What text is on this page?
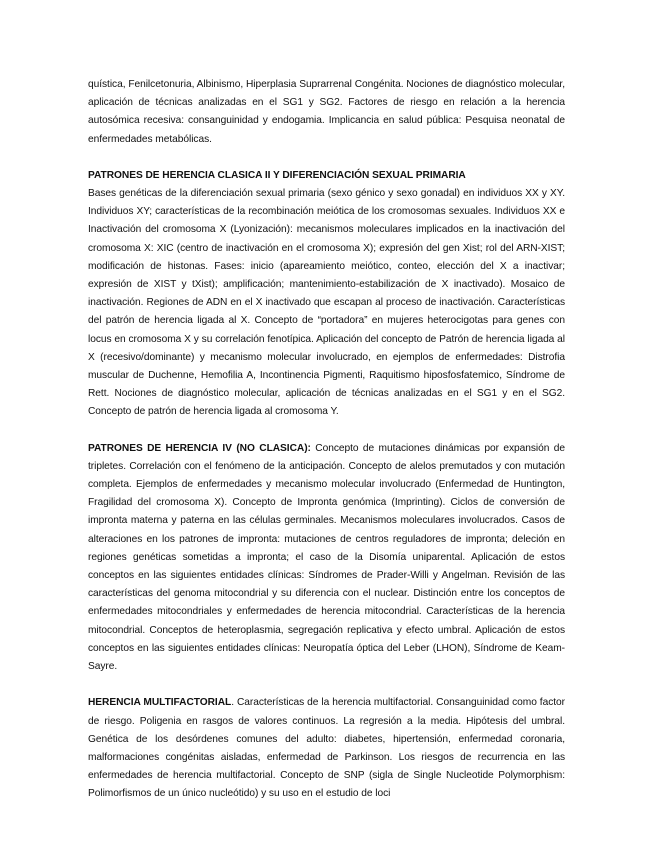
quística, Fenilcetonuria, Albinismo, Hiperplasia Suprarrenal Congénita. Nociones de diagnóstico molecular, aplicación de técnicas analizadas en el SG1 y SG2. Factores de riesgo en relación a la herencia autosómica recesiva: consanguinidad y endogamia. Implicancia en salud pública: Pesquisa neonatal de enfermedades metabólicas.

PATRONES DE HERENCIA CLASICA II Y DIFERENCIACIÓN SEXUAL PRIMARIA

Bases genéticas de la diferenciación sexual primaria (sexo génico y sexo gonadal) en individuos XX y XY. Individuos XY; características de la recombinación meiótica de los cromosomas sexuales. Individuos XX e Inactivación del cromosoma X (Lyonización): mecanismos moleculares implicados en la inactivación del cromosoma X: XIC (centro de inactivación en el cromosoma X); expresión del gen Xist; rol del ARN-XIST; modificación de histonas. Fases: inicio (apareamiento meiótico, conteo, elección del X a inactivar; expresión de XIST y tXist); amplificación; mantenimiento-estabilización de X inactivado). Mosaico de inactivación. Regiones de ADN en el X inactivado que escapan al proceso de inactivación. Características del patrón de herencia ligada al X. Concepto de “portadora” en mujeres heterocigotas para genes con locus en cromosoma X y su correlación fenotípica. Aplicación del concepto de Patrón de herencia ligada al X (recesivo/dominante) y mecanismo molecular involucrado, en ejemplos de enfermedades: Distrofia muscular de Duchenne, Hemofilia A, Incontinencia Pigmenti, Raquitismo hiposfosfatemico, Síndrome de Rett. Nociones de diagnóstico molecular, aplicación de técnicas analizadas en el SG1 y en el SG2. Concepto de patrón de herencia ligada al cromosoma Y.

PATRONES DE HERENCIA IV (NO CLASICA): Concepto de mutaciones dinámicas por expansión de tripletes. Correlación con el fenómeno de la anticipación. Concepto de alelos premutados y con mutación completa. Ejemplos de enfermedades y mecanismo molecular involucrado (Enfermedad de Huntington, Fragilidad del cromosoma X). Concepto de Impronta genómica (Imprinting). Ciclos de conversión de impronta materna y paterna en las células germinales. Mecanismos moleculares involucrados. Casos de alteraciones en los patrones de impronta: mutaciones de centros reguladores de impronta; deleción en regiones genéticas sometidas a impronta; el caso de la Disomía uniparental. Aplicación de estos conceptos en las siguientes entidades clínicas: Síndromes de Prader-Willi y Angelman. Revisión de las características del genoma mitocondrial y su diferencia con el nuclear. Distinción entre los conceptos de enfermedades mitocondriales y enfermedades de herencia mitocondrial. Características de la herencia mitocondrial. Conceptos de heteroplasmia, segregación replicativa y efecto umbral. Aplicación de estos conceptos en las siguientes entidades clínicas: Neuropatía óptica del Leber (LHON), Síndrome de Keam-Sayre.

HERENCIA MULTIFACTORIAL. Características de la herencia multifactorial. Consanguinidad como factor de riesgo. Poligenia en rasgos de valores continuos. La regresión a la media. Hipótesis del umbral. Genética de los desórdenes comunes del adulto: diabetes, hipertensión, enfermedad coronaria, malformaciones congénitas aisladas, enfermedad de Parkinson. Los riesgos de recurrencia en las enfermedades de herencia multifactorial. Concepto de SNP (sigla de Single Nucleotide Polymorphism: Polimorfismos de un único nucleótido) y su uso en el estudio de loci
